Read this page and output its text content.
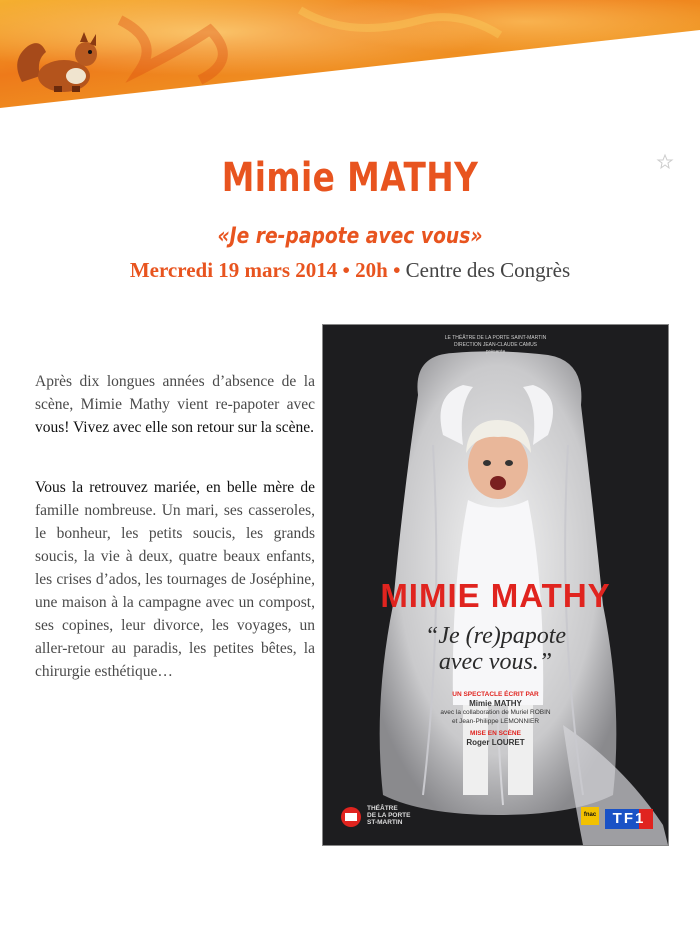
Mimie MATHY
«Je re-papote avec vous»
Mercredi 19 mars 2014 • 20h • Centre des Congrès
Après dix longues années d’absence de la scène, Mimie Mathy vient re-papoter avec vous! Vivez avec elle son retour sur la scène.
Vous la retrouvez mariée, en belle mère de famille nombreuse. Un mari, ses casseroles, le bonheur, les petits soucis, les grands soucis, la vie à deux, quatre beaux enfants, les crises d’ados, les tournages de Joséphine, une maison à la campagne avec un compost, ses copines, leur divorce, les voyages, un aller-retour au paradis, les petites bêtes, la chirurgie esthétique…
LE THÉÂTRE DE LA PORTE SAINT-MARTIN
DIRECTION JEAN-CLAUDE CAMUS
présente
MIMIE MATHY
“Je (re)papote
avec vous.”
UN SPECTACLE ÉCRIT PAR
Mimie MATHY
avec la collaboration de Muriel ROBIN
et Jean-Philippe LEMONNIER
MISE EN SCÈNE
Roger LOURET
THÉÂTRE
DE LA PORTE
ST-MARTIN
fnac	TF1
